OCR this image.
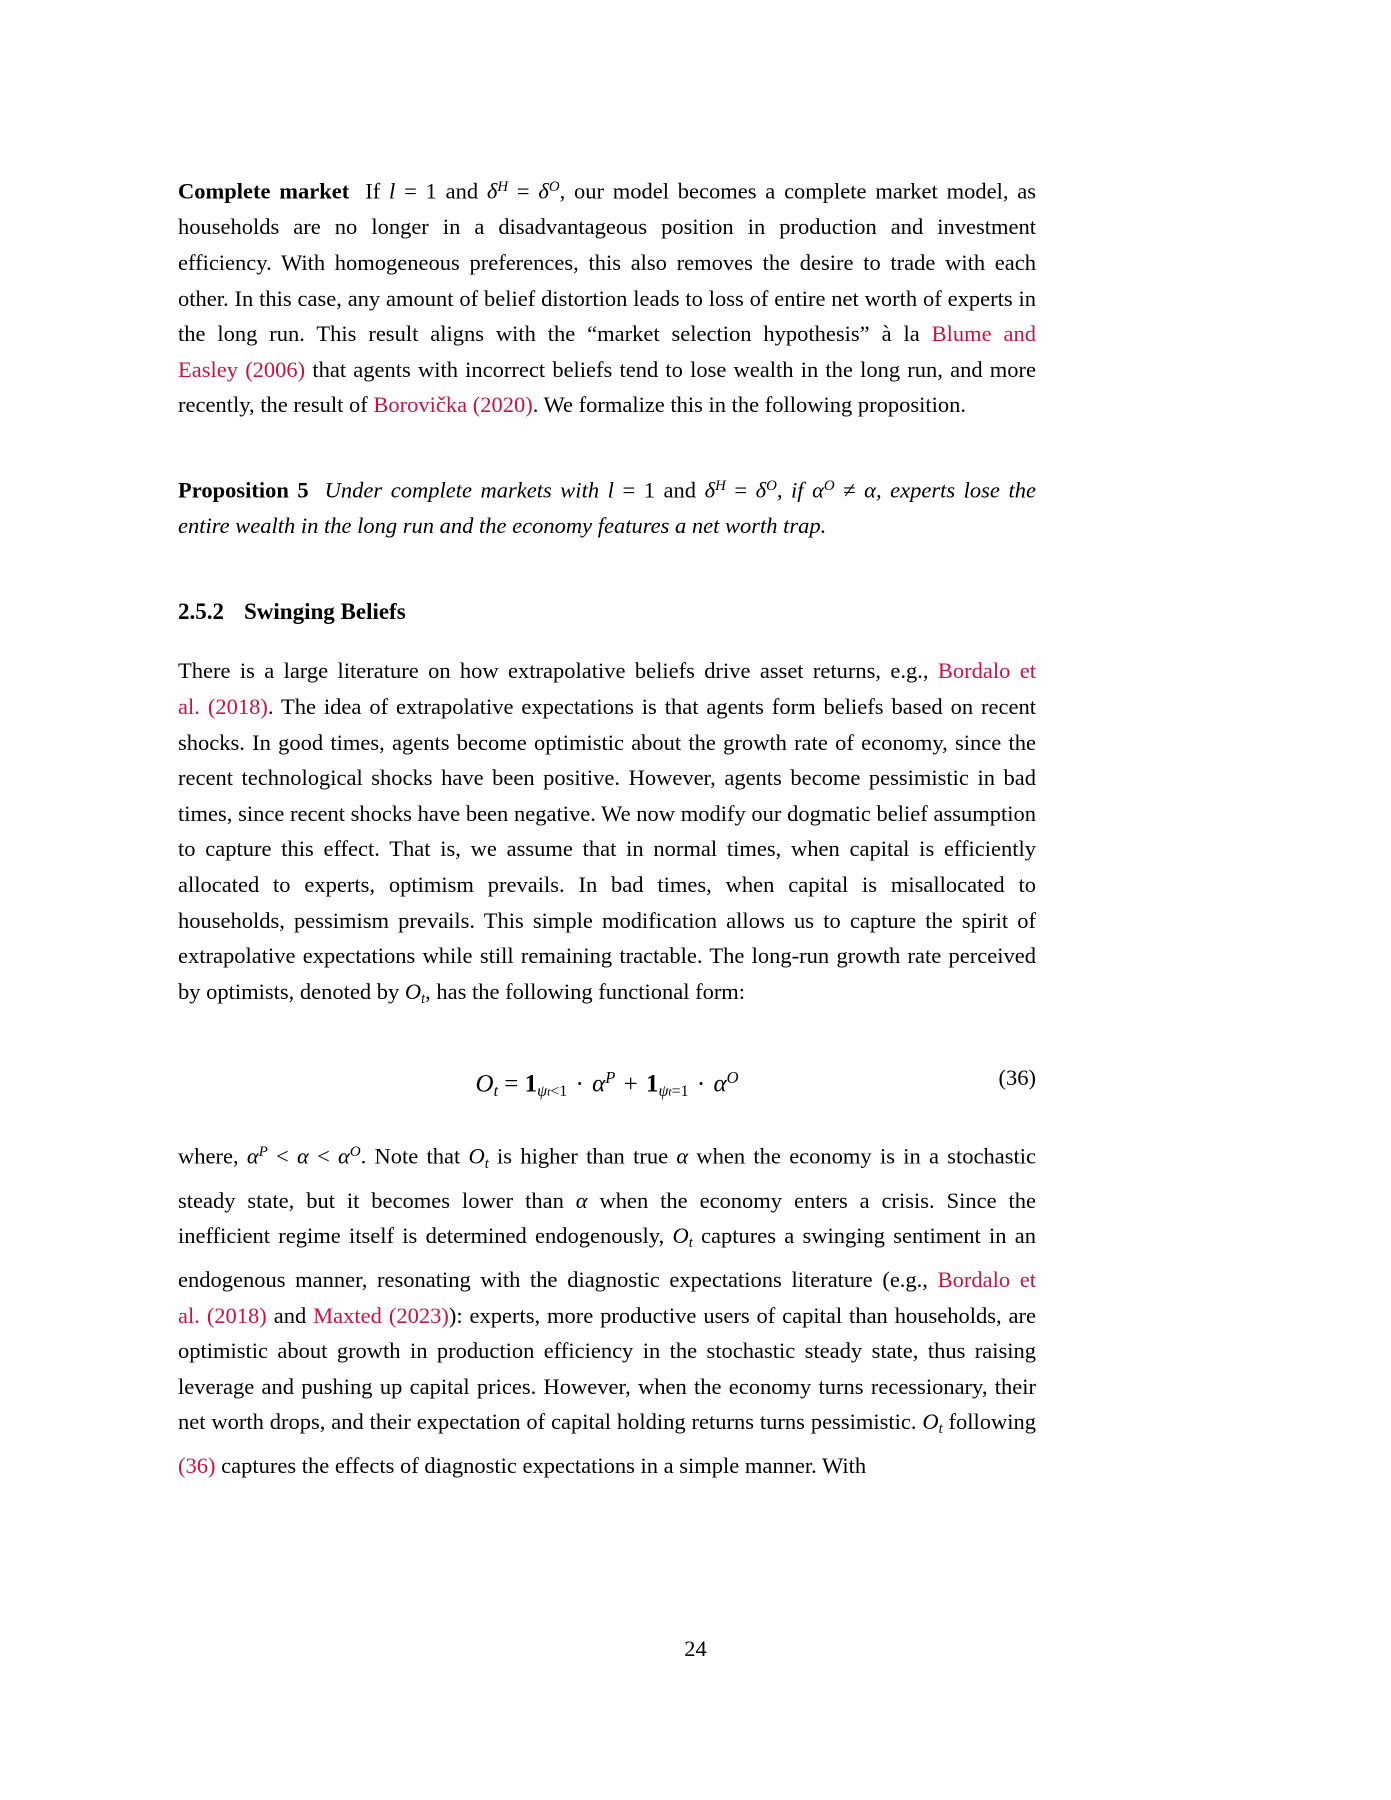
Complete market If l = 1 and $\delta^H = \delta^O$, our model becomes a complete market model, as households are no longer in a disadvantageous position in production and investment efficiency. With homogeneous preferences, this also removes the desire to trade with each other. In this case, any amount of belief distortion leads to loss of entire net worth of experts in the long run. This result aligns with the “market selection hypothesis” à la Blume and Easley (2006) that agents with incorrect beliefs tend to lose wealth in the long run, and more recently, the result of Borovička (2020). We formalize this in the following proposition.

Proposition 5 Under complete markets with l = 1 and $\delta^H = \delta^O$, if $\alpha^O \ne \alpha$, experts lose the entire wealth in the long run and the economy features a net worth trap.

2.5.2 Swinging Beliefs

There is a large literature on how extrapolative beliefs drive asset returns, e.g., Bordalo et al. (2018). The idea of extrapolative expectations is that agents form beliefs based on recent shocks. In good times, agents become optimistic about the growth rate of economy, since the recent technological shocks have been positive. However, agents become pessimistic in bad times, since recent shocks have been negative. We now modify our dogmatic belief assumption to capture this effect. That is, we assume that in normal times, when capital is efficiently allocated to experts, optimism prevails. In bad times, when capital is misallocated to households, pessimism prevails. This simple modification allows us to capture the spirit of extrapolative expectations while still remaining tractable. The long-run growth rate perceived by optimists, denoted by $O_t$, has the following functional form:

$O_t = 1_{\psi t<1} \cdot \alpha^P + 1_{\psi t=1} \cdot \alpha^O$	(36)

where, $\alpha^P < \alpha < \alpha^O$. Note that $O_t$ is higher than true α when the economy is in a stochastic steady state, but it becomes lower than α when the economy enters a crisis. Since the inefficient regime itself is determined endogenously, $O_t$ captures a swinging sentiment in an endogenous manner, resonating with the diagnostic expectations literature (e.g., Bordalo et al. (2018) and Maxted (2023)): experts, more productive users of capital than households, are optimistic about growth in production efficiency in the stochastic steady state, thus raising leverage and pushing up capital prices. However, when the economy turns recessionary, their net worth drops, and their expectation of capital holding returns turns pessimistic. $O_t$ following (36) captures the effects of diagnostic expectations in a simple manner. With

24
